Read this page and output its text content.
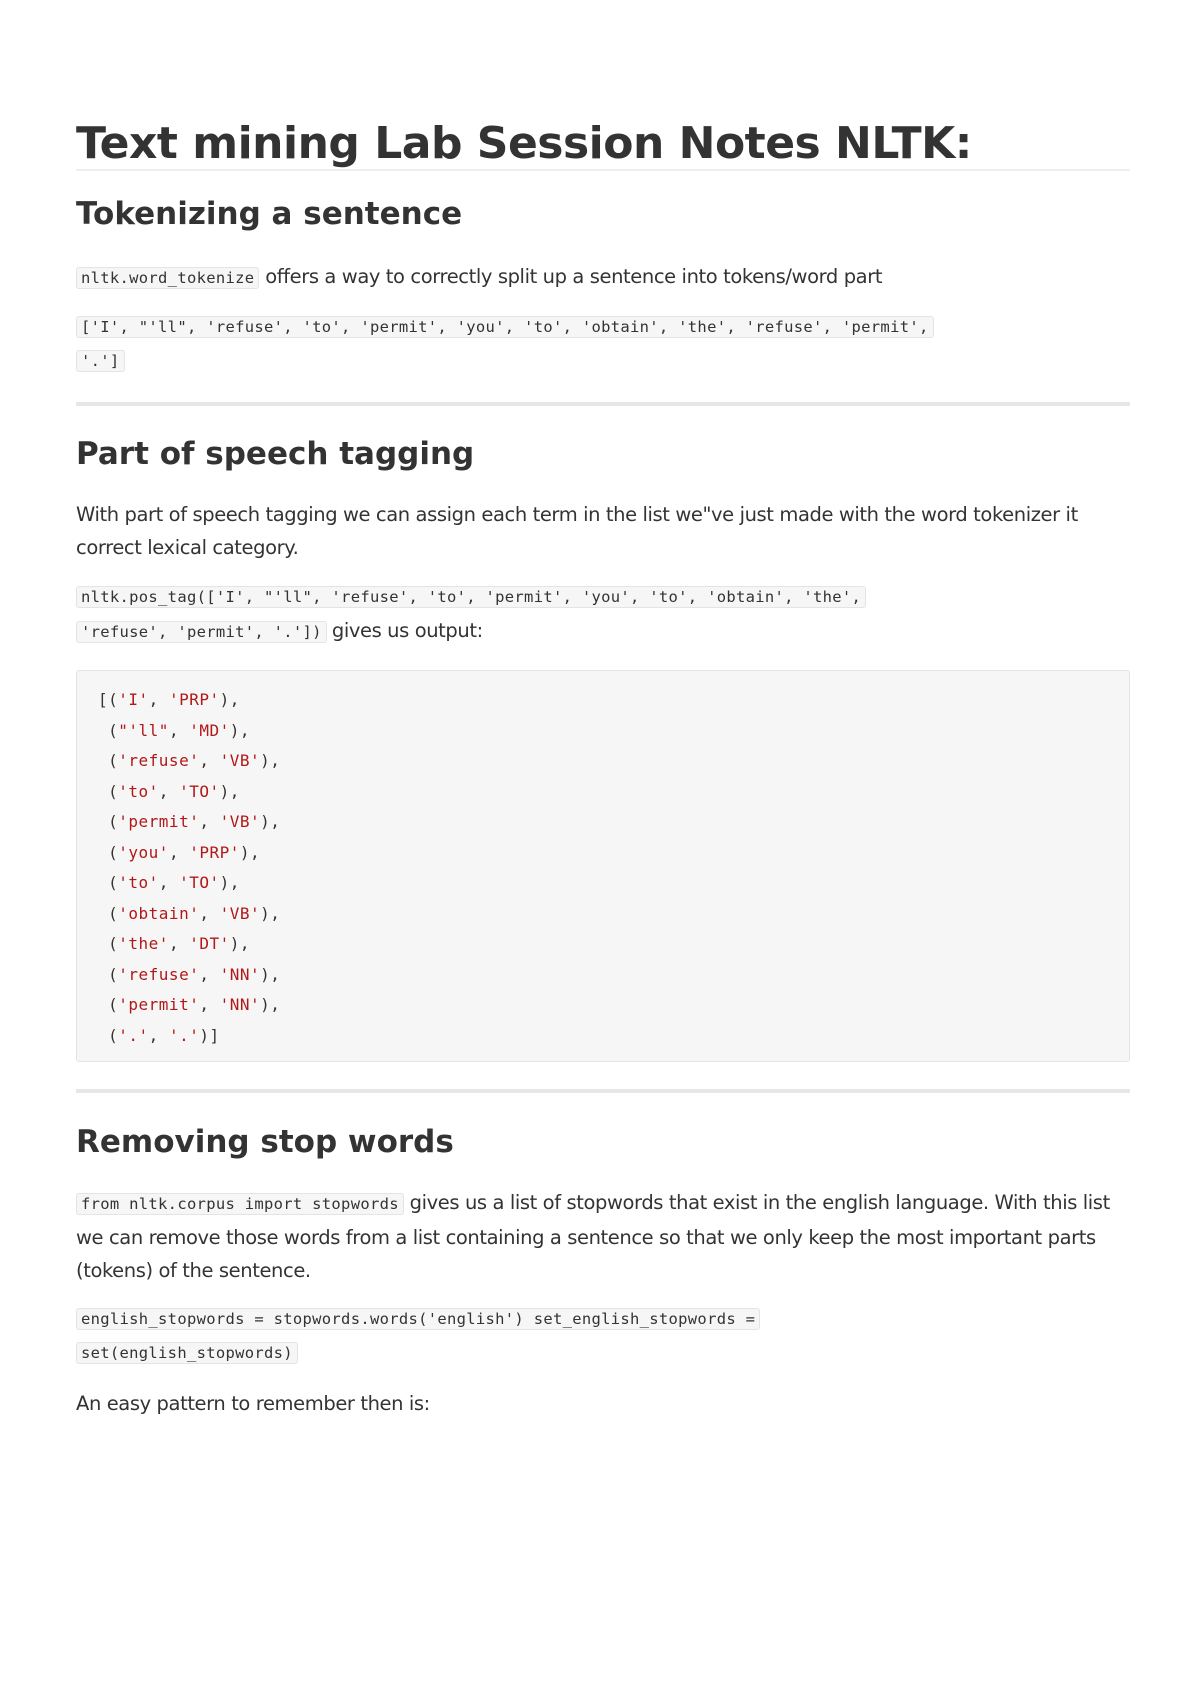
Text mining Lab Session Notes NLTK:
Tokenizing a sentence

nltk.word_tokenize offers a way to correctly split up a sentence into tokens/word part

['I', "'ll", 'refuse', 'to', 'permit', 'you', 'to', 'obtain', 'the', 'refuse', 'permit',
'.']

Part of speech tagging

With part of speech tagging we can assign each term in the list we"ve just made with the word tokenizer it correct lexical category.

nltk.pos_tag(['I', "'ll", 'refuse', 'to', 'permit', 'you', 'to', 'obtain', 'the',
'refuse', 'permit', '.']) gives us output:

[('I', 'PRP'),
("'ll", 'MD'),
('refuse', 'VB'),
('to', 'TO'),
('permit', 'VB'),
('you', 'PRP'),
('to', 'TO'),
('obtain', 'VB'),
('the', 'DT'),
('refuse', 'NN'),
('permit', 'NN'),
('.', '.')]
Removing stop words

from nltk.corpus import stopwords gives us a list of stopwords that exist in the english language. With this list we can remove those words from a list containing a sentence so that we only keep the most important parts (tokens) of the sentence.

english_stopwords = stopwords.words('english') set_english_stopwords =
set(english_stopwords)

An easy pattern to remember then is:
